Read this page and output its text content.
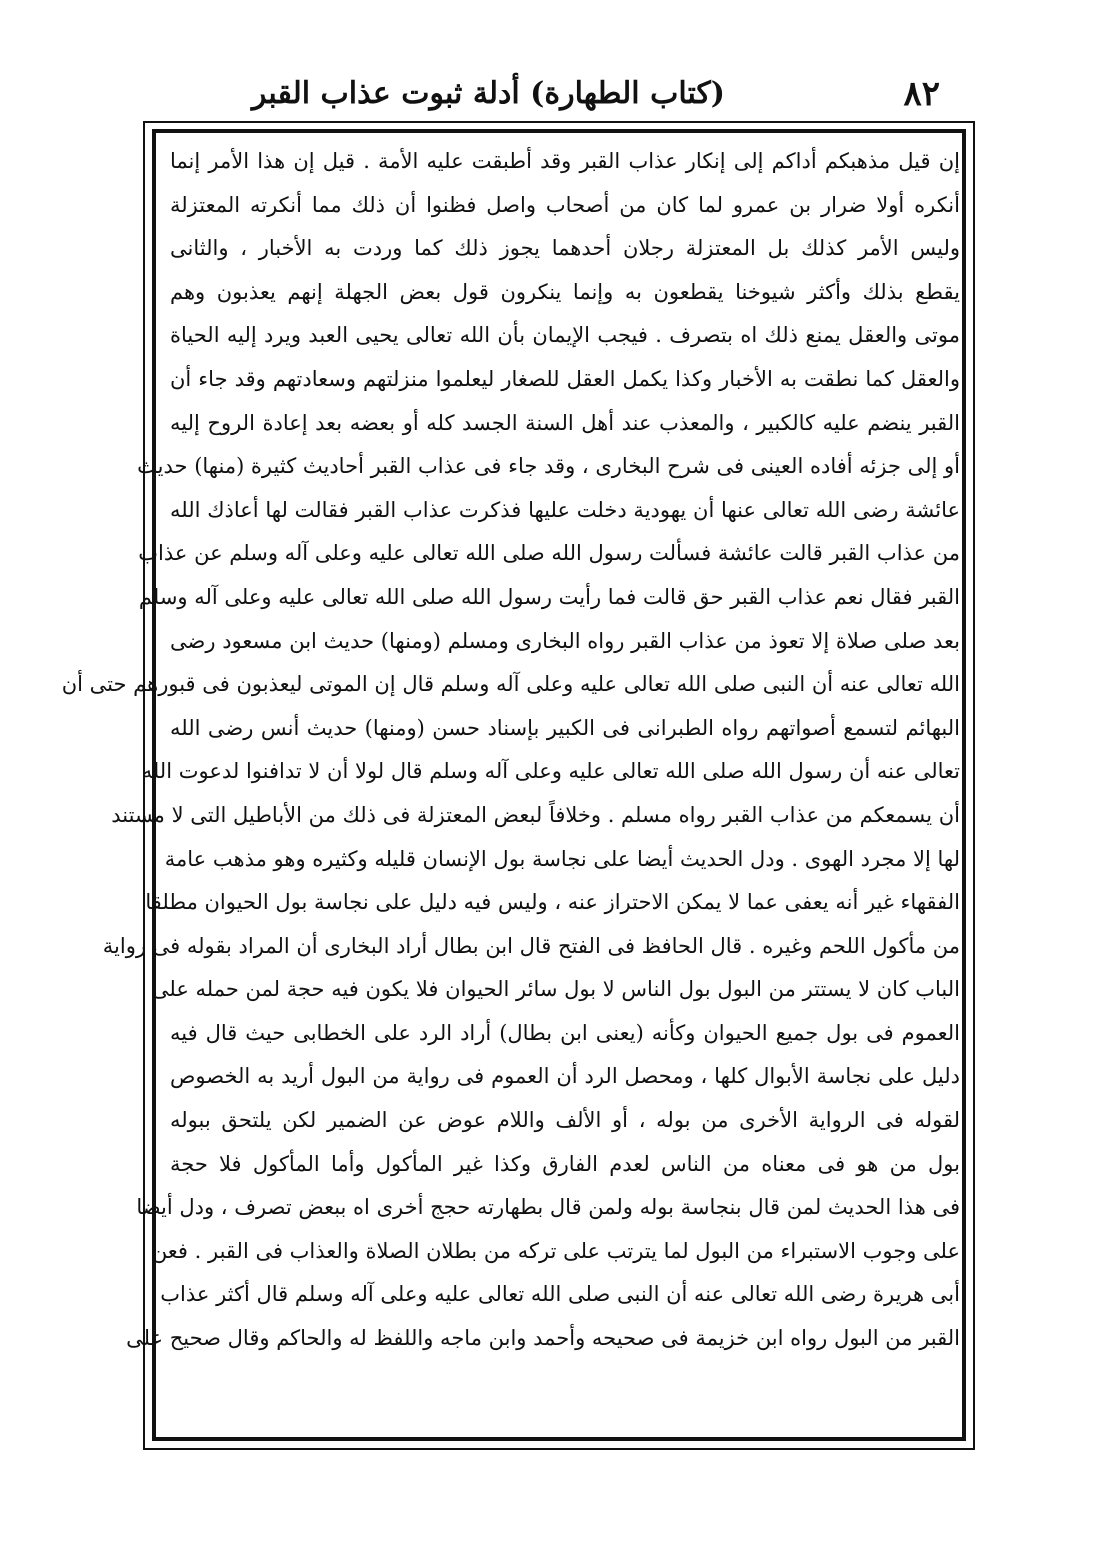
٨٢
(كتاب الطهارة) أدلة ثبوت عذاب القبر
إن قيل مذهبكم أداكم إلى إنكار عذاب القبر وقد أطبقت عليه الأمة . قيل إن هذا الأمر إنما
أنكره أولا ضرار بن عمرو لما كان من أصحاب واصل فظنوا أن ذلك مما أنكرته المعتزلة
وليس الأمر كذلك بل المعتزلة رجلان أحدهما يجوز ذلك كما وردت به الأخبار ، والثانى
يقطع بذلك وأكثر شيوخنا يقطعون به وإنما ينكرون قول بعض الجهلة إنهم يعذبون وهم
موتى والعقل يمنع ذلك اه بتصرف . فيجب الإيمان بأن الله تعالى يحيى العبد ويرد إليه الحياة
والعقل كما نطقت به الأخبار وكذا يكمل العقل للصغار ليعلموا منزلتهم وسعادتهم وقد جاء أن
القبر ينضم عليه كالكبير ، والمعذب عند أهل السنة الجسد كله أو بعضه بعد إعادة الروح إليه
أو إلى جزئه أفاده العينى فى شرح البخارى ، وقد جاء فى عذاب القبر أحاديث كثيرة (منها) حديث
عائشة رضى الله تعالى عنها أن يهودية دخلت عليها فذكرت عذاب القبر فقالت لها أعاذك الله
من عذاب القبر قالت عائشة فسألت رسول الله صلى الله تعالى عليه وعلى آله وسلم عن عذاب
القبر فقال نعم عذاب القبر حق قالت فما رأيت رسول الله صلى الله تعالى عليه وعلى آله وسلم
بعد صلى صلاة إلا تعوذ من عذاب القبر رواه البخارى ومسلم (ومنها) حديث ابن مسعود رضى
الله تعالى عنه أن النبى صلى الله تعالى عليه وعلى آله وسلم قال إن الموتى ليعذبون فى قبورهم حتى أن
البهائم لتسمع أصواتهم رواه الطبرانى فى الكبير بإسناد حسن (ومنها) حديث أنس رضى الله
تعالى عنه أن رسول الله صلى الله تعالى عليه وعلى آله وسلم قال لولا أن لا تدافنوا لدعوت الله
أن يسمعكم من عذاب القبر رواه مسلم . وخلافاً لبعض المعتزلة فى ذلك من الأباطيل التى لا مستند
لها إلا مجرد الهوى . ودل الحديث أيضا على نجاسة بول الإنسان قليله وكثيره وهو مذهب عامة
الفقهاء غير أنه يعفى عما لا يمكن الاحتراز عنه ، وليس فيه دليل على نجاسة بول الحيوان مطلقا
من مأكول اللحم وغيره . قال الحافظ فى الفتح قال ابن بطال أراد البخارى أن المراد بقوله فى رواية
الباب كان لا يستتر من البول بول الناس لا بول سائر الحيوان فلا يكون فيه حجة لمن حمله على
العموم فى بول جميع الحيوان وكأنه (يعنى ابن بطال) أراد الرد على الخطابى حيث قال فيه
دليل على نجاسة الأبوال كلها ، ومحصل الرد أن العموم فى رواية من البول أريد به الخصوص
لقوله فى الرواية الأخرى من بوله ، أو الألف واللام عوض عن الضمير لكن يلتحق ببوله
بول من هو فى معناه من الناس لعدم الفارق وكذا غير المأكول وأما المأكول فلا حجة
فى هذا الحديث لمن قال بنجاسة بوله ولمن قال بطهارته حجج أخرى اه ببعض تصرف ، ودل أيضا
على وجوب الاستبراء من البول لما يترتب على تركه من بطلان الصلاة والعذاب فى القبر . فعن
أبى هريرة رضى الله تعالى عنه أن النبى صلى الله تعالى عليه وعلى آله وسلم قال أكثر عذاب
القبر من البول رواه ابن خزيمة فى صحيحه وأحمد وابن ماجه واللفظ له والحاكم وقال صحيح على
